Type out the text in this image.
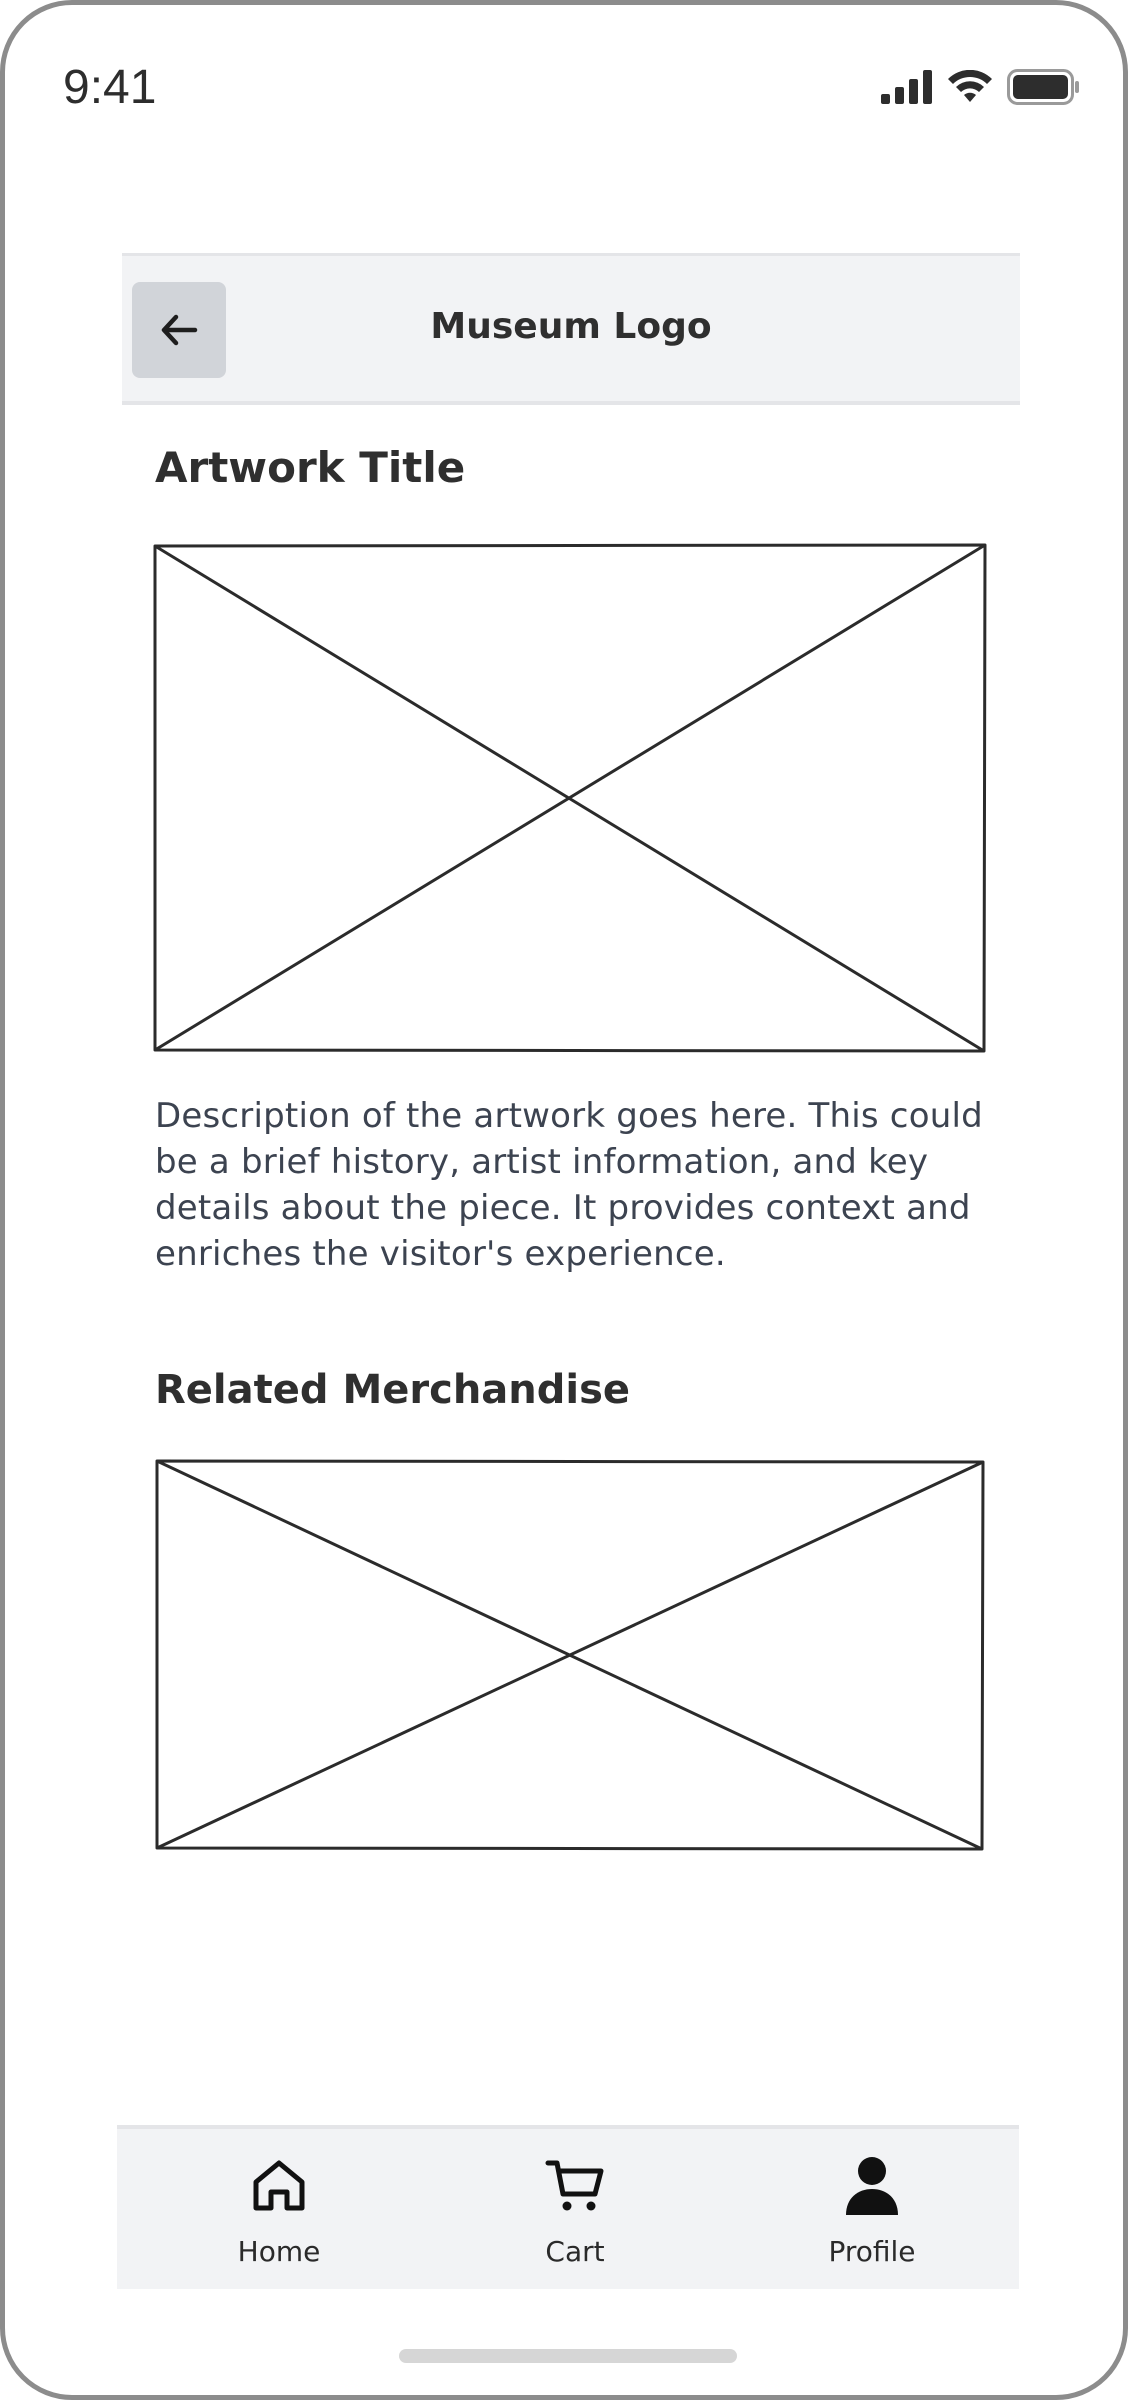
9:41
Museum Logo
Artwork Title
Description of the artwork goes here. This could be a brief history, artist information, and key details about the piece. It provides context and enriches the visitor's experience.
Related Merchandise
Home	Cart	Profile
